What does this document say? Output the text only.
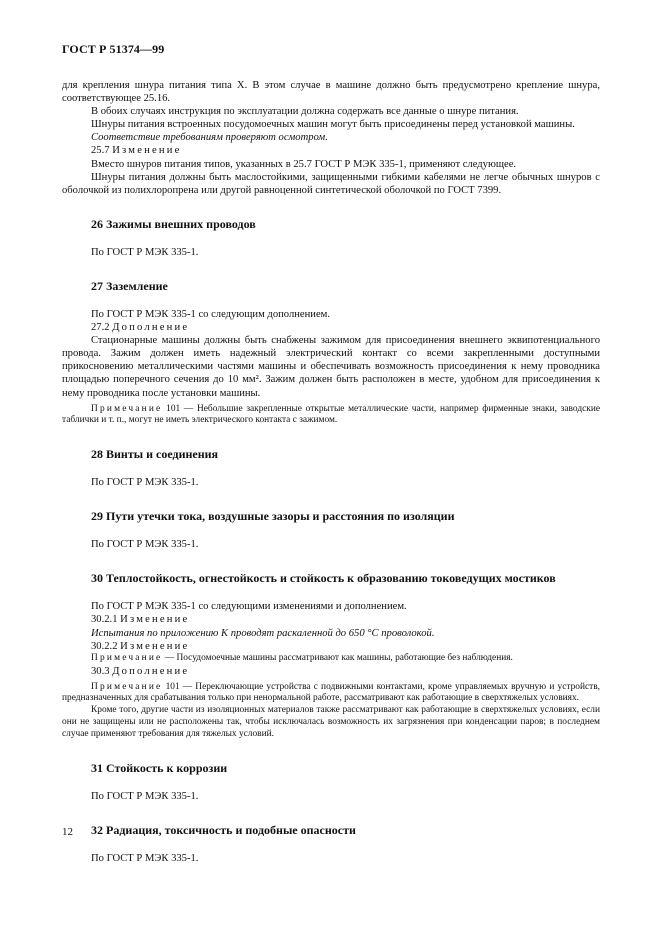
ГОСТ Р 51374—99

для крепления шнура питания типа X. В этом случае в машине должно быть предусмотрено крепление шнура, соответствующее 25.16.

В обоих случаях инструкция по эксплуатации должна содержать все данные о шнуре питания.

Шнуры питания встроенных посудомоечных машин могут быть присоединены перед установкой машины.

Соответствие требованиям проверяют осмотром.

25.7 Изменение

Вместо шнуров питания типов, указанных в 25.7 ГОСТ Р МЭК 335-1, применяют следующее.

Шнуры питания должны быть маслостойкими, защищенными гибкими кабелями не легче обычных шнуров с оболочкой из полихлоропрена или другой равноценной синтетической оболочкой по ГОСТ 7399.

26 Зажимы внешних проводов

По ГОСТ Р МЭК 335-1.

27 Заземление

По ГОСТ Р МЭК 335-1 со следующим дополнением.

27.2 Дополнение

Стационарные машины должны быть снабжены зажимом для присоединения внешнего эквипотенциального провода. Зажим должен иметь надежный электрический контакт со всеми закрепленными доступными прикосновению металлическими частями машины и обеспечивать возможность присоединения к нему проводника площадью поперечного сечения до 10 мм². Зажим должен быть расположен в месте, удобном для присоединения к нему проводника после установки машины.

Примечание 101 — Небольшие закрепленные открытые металлические части, например фирменные знаки, заводские таблички и т. п., могут не иметь электрического контакта с зажимом.

28 Винты и соединения

По ГОСТ Р МЭК 335-1.

29 Пути утечки тока, воздушные зазоры и расстояния по изоляции

По ГОСТ Р МЭК 335-1.

30 Теплостойкость, огнестойкость и стойкость к образованию токоведущих мостиков

По ГОСТ Р МЭК 335-1 со следующими изменениями и дополнением.

30.2.1 Изменение

Испытания по приложению K проводят раскаленной до 650 °С проволокой.

30.2.2 Изменение

Примечание — Посудомоечные машины рассматривают как машины, работающие без наблюдения.

30.3 Дополнение

Примечание 101 — Переключающие устройства с подвижными контактами, кроме управляемых вручную и устройств, предназначенных для срабатывания только при ненормальной работе, рассматривают как работающие в сверхтяжелых условиях.

Кроме того, другие части из изоляционных материалов также рассматривают как работающие в сверхтяжелых условиях, если они не защищены или не расположены так, чтобы исключалась возможность их загрязнения при конденсации паров; в последнем случае применяют требования для тяжелых условий.

31 Стойкость к коррозии

По ГОСТ Р МЭК 335-1.

32 Радиация, токсичность и подобные опасности

По ГОСТ Р МЭК 335-1.

12
